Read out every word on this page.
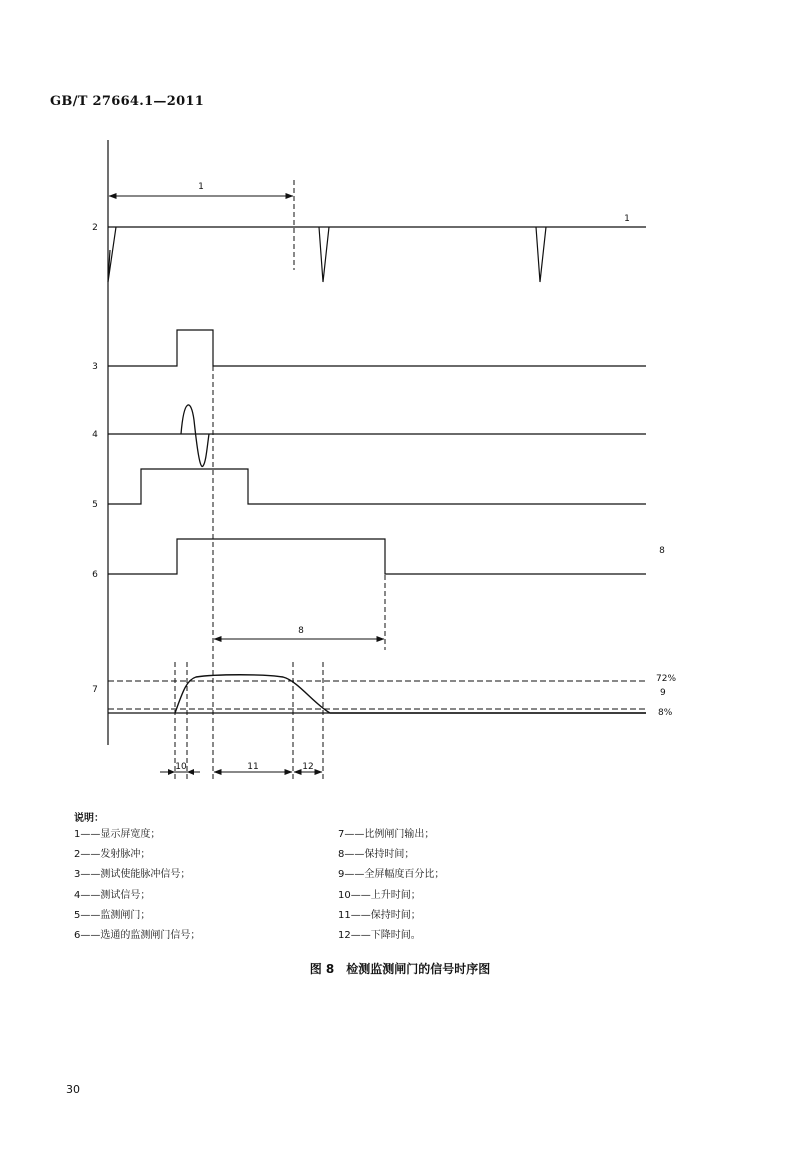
GB/T 27664.1—2011
1
2
1
3
4
5
6
8
8
7
72%
9
8%
10	11	12
说明：
1——显示屏宽度；
2——发射脉冲；
3——测试使能脉冲信号；
4——测试信号；
5——监测闸门；
6——选通的监测闸门信号；
7——比例闸门输出；
8——保持时间；
9——全屏幅度百分比；
10——上升时间；
11——保持时间；
12——下降时间。
图 8　检测监测闸门的信号时序图
30
